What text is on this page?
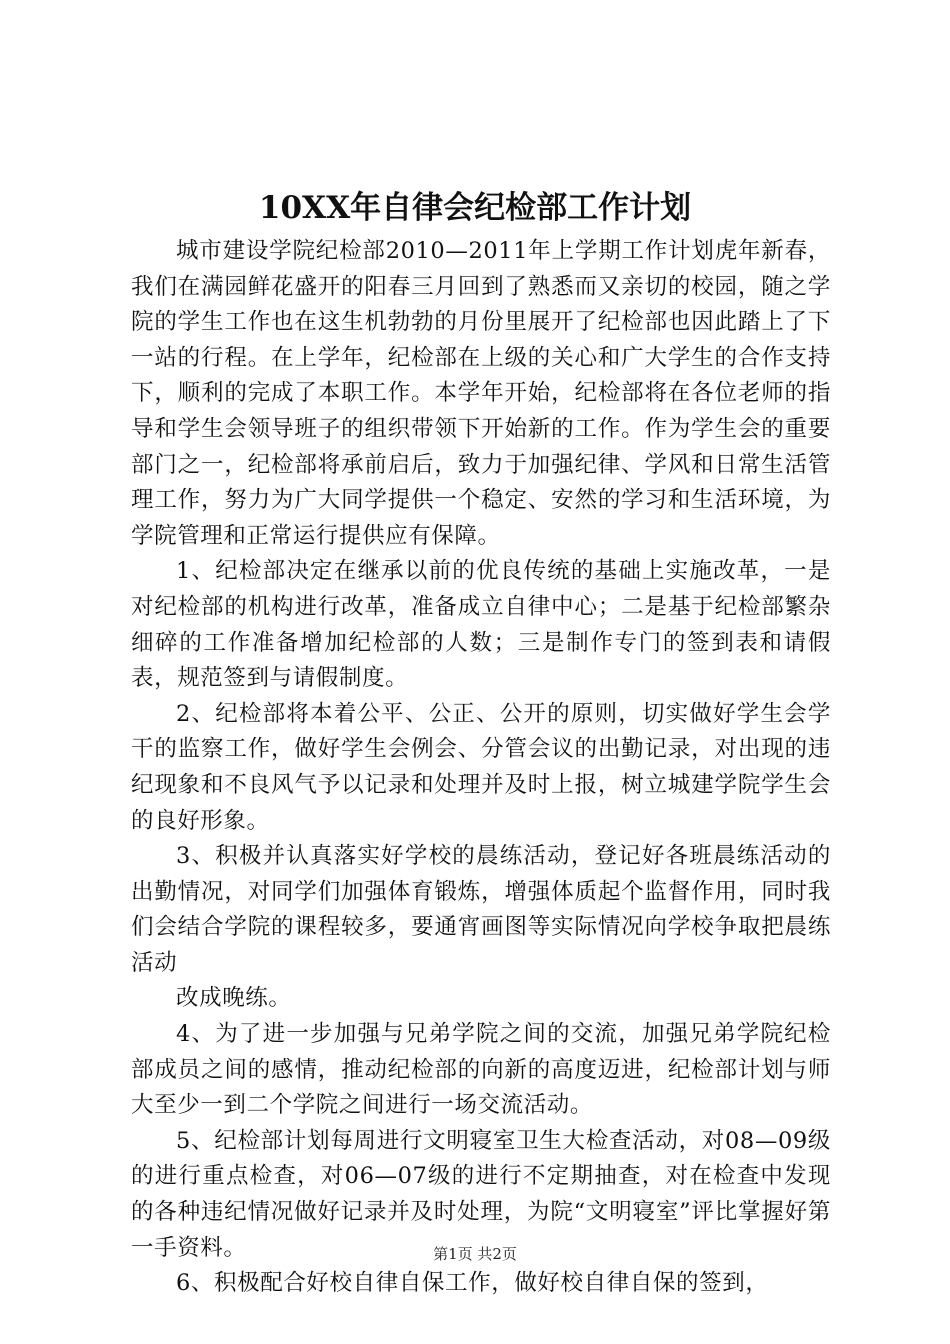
10XX年自律会纪检部工作计划

城市建设学院纪检部2010—2011年上学期工作计划虎年新春，我们在满园鲜花盛开的阳春三月回到了熟悉而又亲切的校园，随之学院的学生工作也在这生机勃勃的月份里展开了纪检部也因此踏上了下一站的行程。在上学年，纪检部在上级的关心和广大学生的合作支持下，顺利的完成了本职工作。本学年开始，纪检部将在各位老师的指导和学生会领导班子的组织带领下开始新的工作。作为学生会的重要部门之一，纪检部将承前启后，致力于加强纪律、学风和日常生活管理工作，努力为广大同学提供一个稳定、安然的学习和生活环境，为学院管理和正常运行提供应有保障。

1、纪检部决定在继承以前的优良传统的基础上实施改革，一是对纪检部的机构进行改革，准备成立自律中心；二是基于纪检部繁杂细碎的工作准备增加纪检部的人数；三是制作专门的签到表和请假表，规范签到与请假制度。

2、纪检部将本着公平、公正、公开的原则，切实做好学生会学干的监察工作，做好学生会例会、分管会议的出勤记录，对出现的违纪现象和不良风气予以记录和处理并及时上报，树立城建学院学生会的良好形象。

3、积极并认真落实好学校的晨练活动，登记好各班晨练活动的出勤情况，对同学们加强体育锻炼，增强体质起个监督作用，同时我们会结合学院的课程较多，要通宵画图等实际情况向学校争取把晨练活动

改成晚练。

4、为了进一步加强与兄弟学院之间的交流，加强兄弟学院纪检部成员之间的感情，推动纪检部的向新的高度迈进，纪检部计划与师大至少一到二个学院之间进行一场交流活动。

5、纪检部计划每周进行文明寝室卫生大检查活动，对08—09级的进行重点检查，对06—07级的进行不定期抽查，对在检查中发现的各种违纪情况做好记录并及时处理，为院“文明寝室”评比掌握好第一手资料。

6、积极配合好校自律自保工作，做好校自律自保的签到，

第1页 共2页
